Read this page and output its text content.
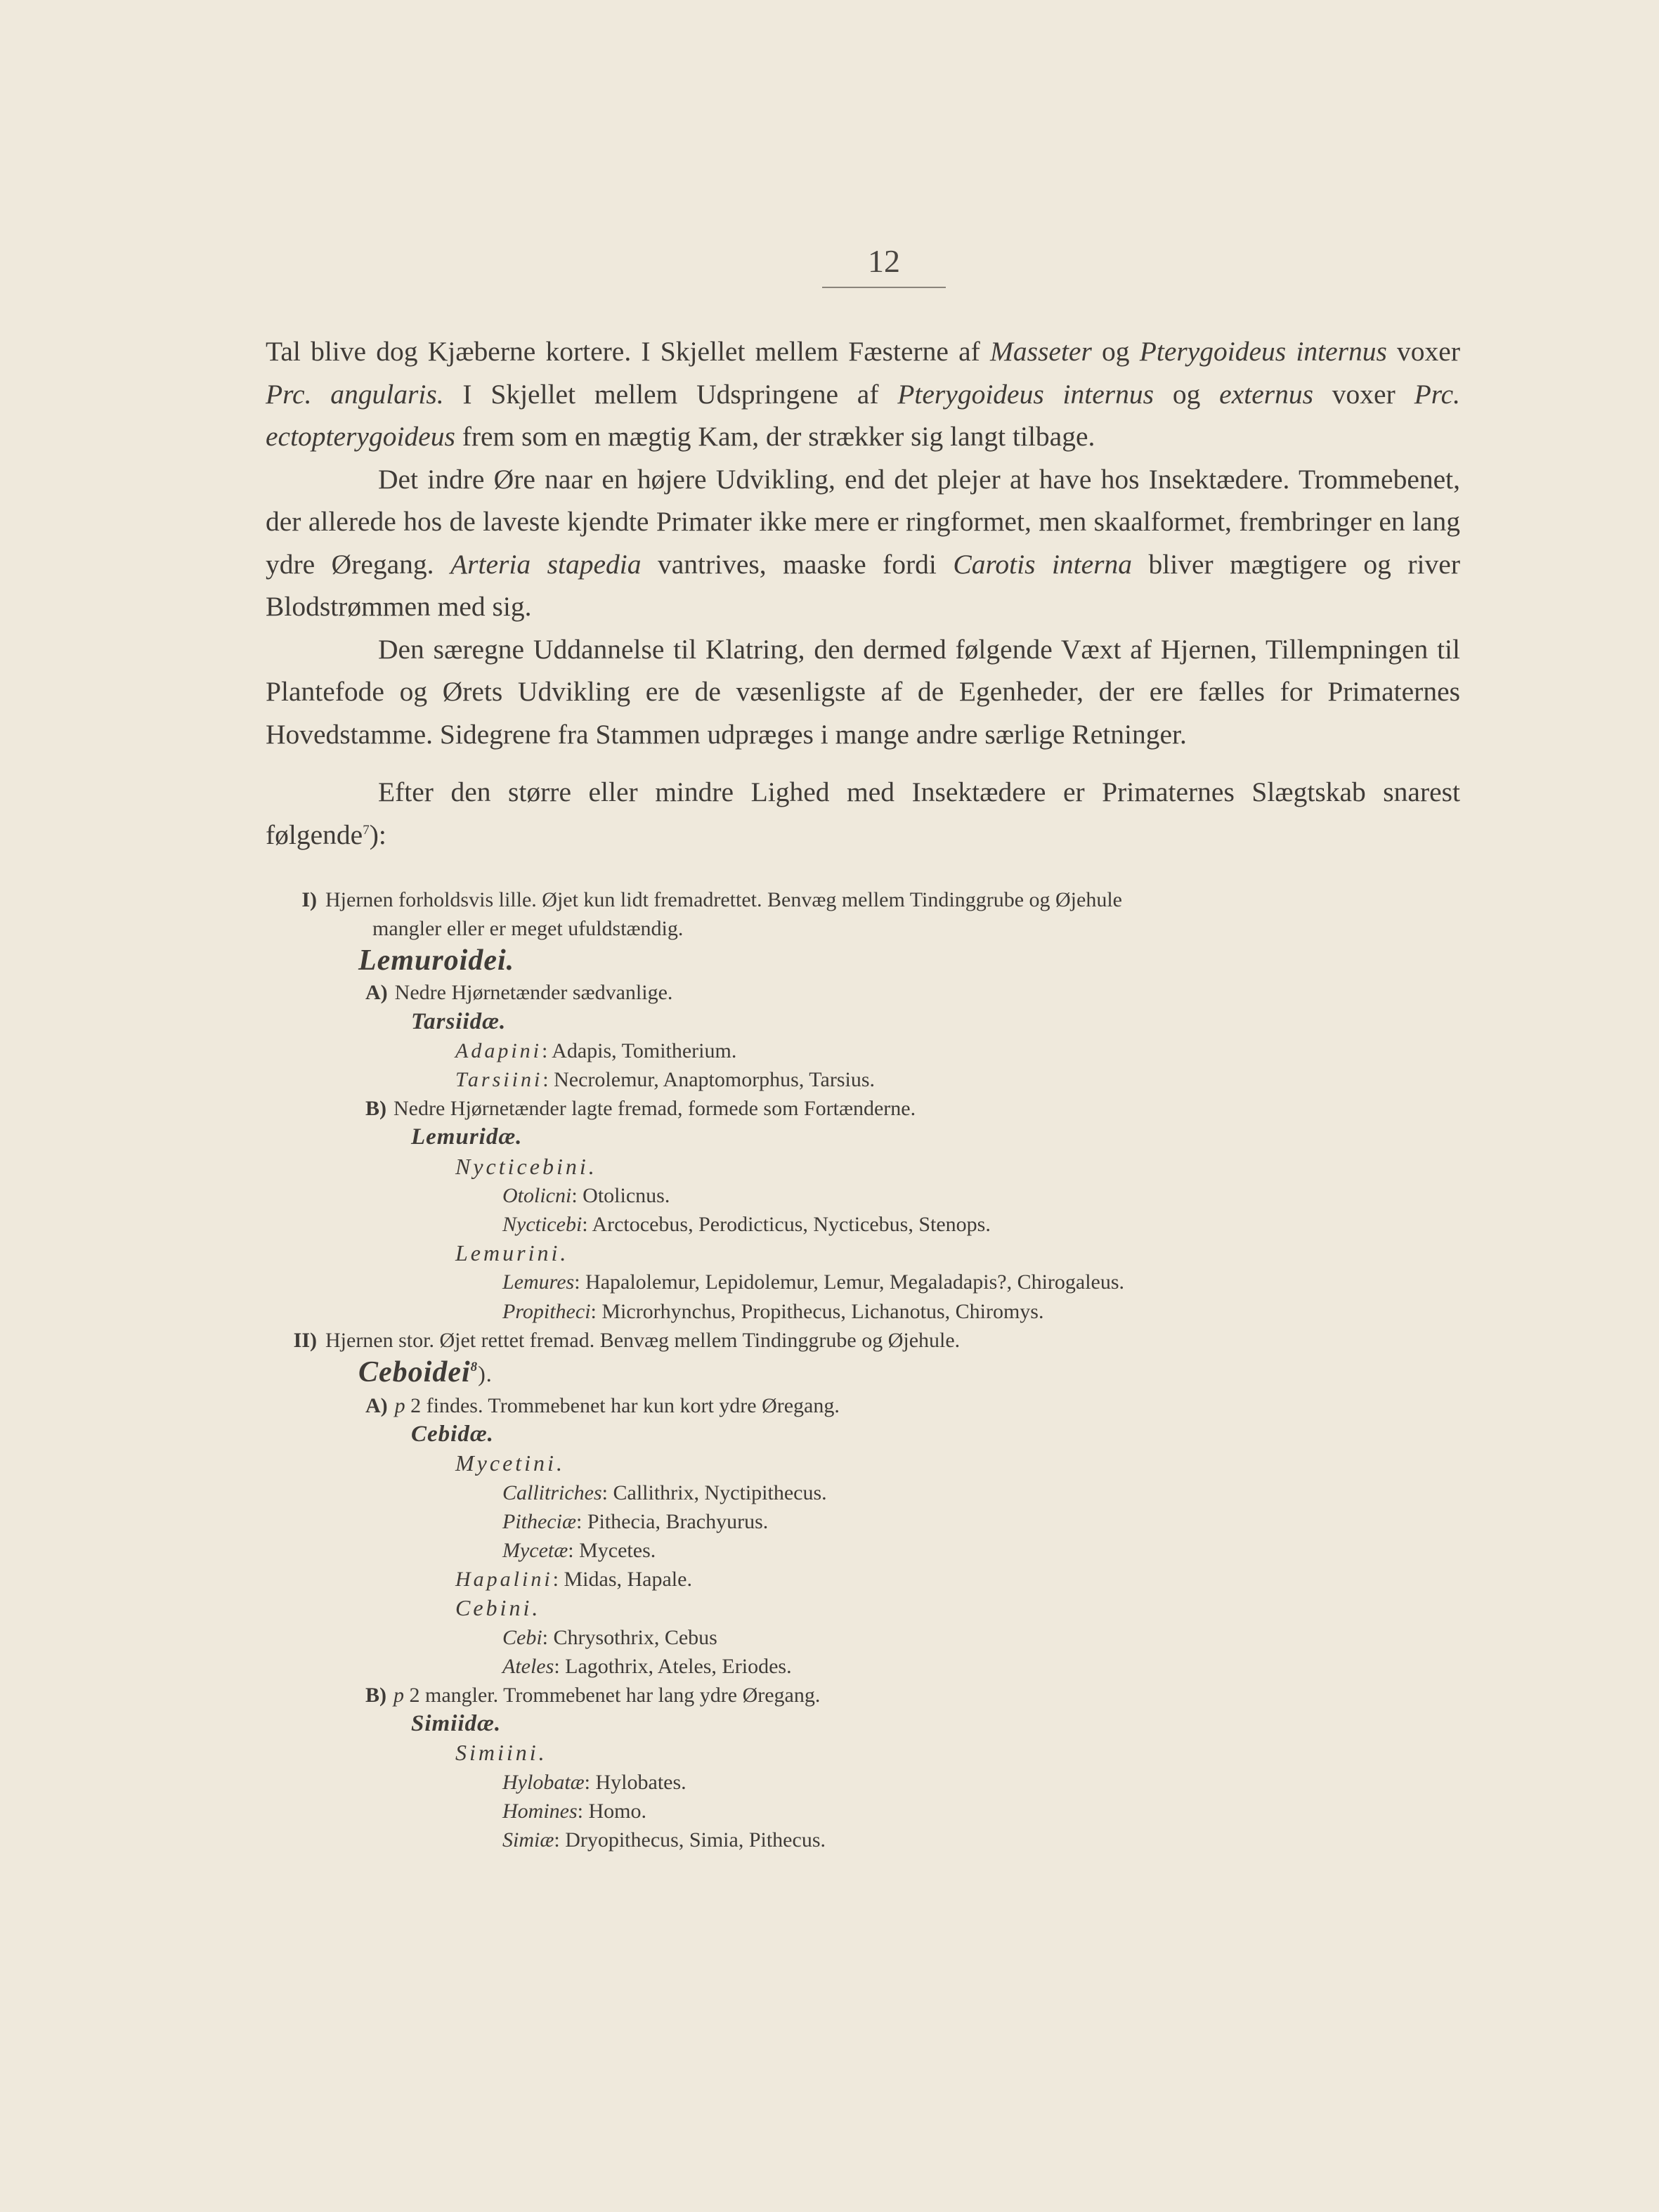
12

Tal blive dog Kjæberne kortere. I Skjellet mellem Fæsterne af Masseter og Pterygoideus internus voxer Prc. angularis. I Skjellet mellem Udspringene af Pterygoideus internus og externus voxer Prc. ectopterygoideus frem som en mægtig Kam, der strækker sig langt tilbage.

Det indre Øre naar en højere Udvikling, end det plejer at have hos Insektædere. Trommebenet, der allerede hos de laveste kjendte Primater ikke mere er ringformet, men skaalformet, frembringer en lang ydre Øregang. Arteria stapedia vantrives, maaske fordi Carotis interna bliver mægtigere og river Blodstrømmen med sig.

Den særegne Uddannelse til Klatring, den dermed følgende Væxt af Hjernen, Tillempningen til Plantefode og Ørets Udvikling ere de væsenligste af de Egenheder, der ere fælles for Primaternes Hovedstamme. Sidegrene fra Stammen udpræges i mange andre særlige Retninger.

Efter den større eller mindre Lighed med Insektædere er Primaternes Slægtskab snarest følgende$^7$):

I) Hjernen forholdsvis lille. Øjet kun lidt fremadrettet. Benvæg mellem Tindinggrube og Øjehule
mangler eller er meget ufuldstændig.
Lemuroidei.
A) Nedre Hjørnetænder sædvanlige.
Tarsiidæ.
Adapini: Adapis, Tomitherium.
Tarsiini: Necrolemur, Anaptomorphus, Tarsius.
B) Nedre Hjørnetænder lagte fremad, formede som Fortænderne.
Lemuridæ.
Nycticebini.
Otolicni: Otolicnus.
Nycticebi: Arctocebus, Perodicticus, Nycticebus, Stenops.
Lemurini.
Lemures: Hapalolemur, Lepidolemur, Lemur, Megaladapis?, Chirogaleus.
Propitheci: Microrhynchus, Propithecus, Lichanotus, Chiromys.
II) Hjernen stor. Øjet rettet fremad. Benvæg mellem Tindinggrube og Øjehule.
Ceboidei$^8$).
A) p 2 findes. Trommebenet har kun kort ydre Øregang.
Cebidæ.
Mycetini.
Callitriches: Callithrix, Nyctipithecus.
Pitheciæ: Pithecia, Brachyurus.
Mycetæ: Mycetes.
Hapalini: Midas, Hapale.
Cebini.
Cebi: Chrysothrix, Cebus
Ateles: Lagothrix, Ateles, Eriodes.
B) p 2 mangler. Trommebenet har lang ydre Øregang.
Simiidæ.
Simiini.
Hylobatæ: Hylobates.
Homines: Homo.
Simiæ: Dryopithecus, Simia, Pithecus.
